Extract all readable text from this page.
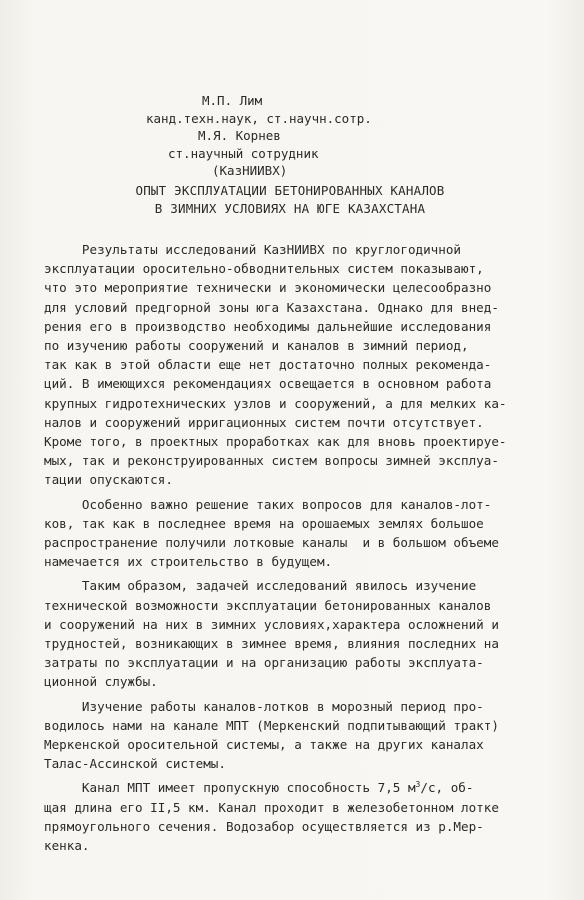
М.П. Лим
канд.техн.наук, ст.научн.сотр.
М.Я. Корнев
ст.научный сотрудник
(КазНИИВХ)
ОПЫТ ЭКСПЛУАТАЦИИ БЕТОНИРОВАННЫХ КАНАЛОВ
В ЗИМНИХ УСЛОВИЯХ НА ЮГЕ КАЗАХСТАНА
Результаты исследований КазНИИВХ по круглогодичной
эксплуатации оросительно-обводнительных систем показывают,
что это мероприятие технически и экономически целесообразно
для условий предгорной зоны юга Казахстана. Однако для внед-
рения его в производство необходимы дальнейшие исследования
по изучению работы сооружений и каналов в зимний период,
так как в этой области еще нет достаточно полных рекоменда-
ций. В имеющихся рекомендациях освещается в основном работа
крупных гидротехнических узлов и сооружений, а для мелких ка-
налов и сооружений ирригационных систем почти отсутствует.
Кроме того, в проектных проработках как для вновь проектируе-
мых, так и реконструированных систем вопросы зимней эксплуа-
тации опускаются.
Особенно важно решение таких вопросов для каналов-лот-
ков, так как в последнее время на орошаемых землях большое
распространение получили лотковые каналы  и в большом объеме
намечается их строительство в будущем.
Таким образом, задачей исследований явилось изучение
технической возможности эксплуатации бетонированных каналов
и сооружений на них в зимних условиях,характера осложнений и
трудностей, возникающих в зимнее время, влияния последних на
затраты по эксплуатации и на организацию работы эксплуата-
ционной службы.
Изучение работы каналов-лотков в морозный период про-
водилось нами на канале МПТ (Меркенский подпитывающий тракт)
Меркенской оросительной системы, а также на других каналах
Талас-Ассинской системы.
Канал МПТ имеет пропускную способность 7,5 $м^3/с$, об-
щая длина его II,5 км. Канал проходит в железобетонном лотке
прямоугольного сечения. Водозабор осуществляется из р.Мер-
кенка.
